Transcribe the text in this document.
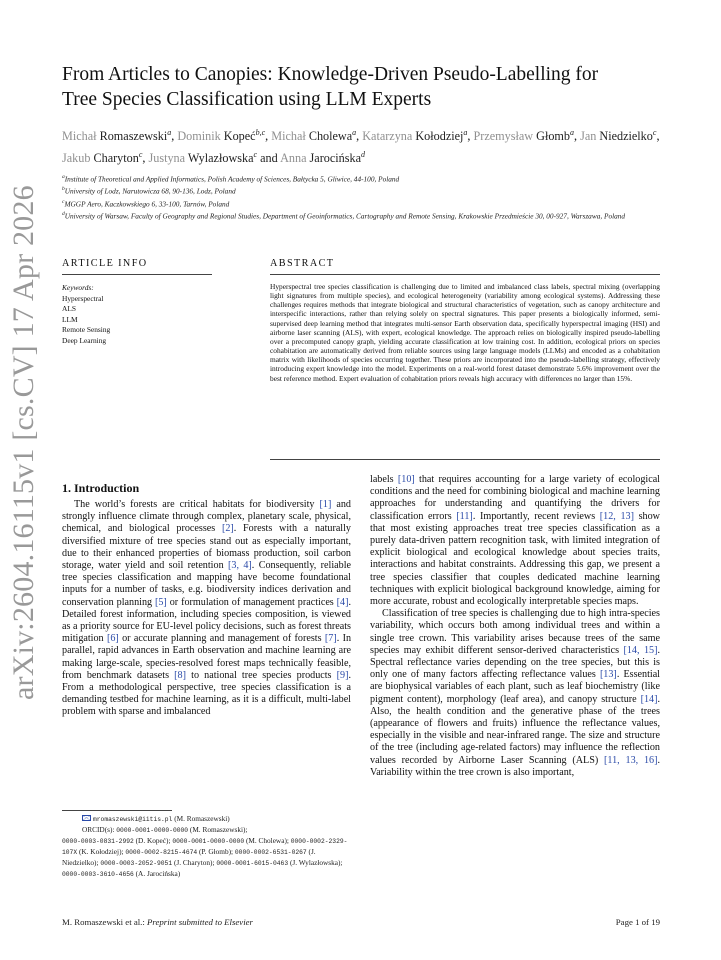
arXiv:2604.16115v1 [cs.CV] 17 Apr 2026
From Articles to Canopies: Knowledge-Driven Pseudo-Labelling for
Tree Species Classification using LLM Experts
Michał Romaszewski$^a$, Dominik Kopeć$^{b,c}$, Michał Cholewa$^a$, Katarzyna Kołodziej$^a$, Przemysław Głomb$^a$, Jan Niedzielko$^c$, Jakub Charyton$^c$, Justyna Wylazłowska$^c$ and Anna Jarocińska$^d$
$^a$Institute of Theoretical and Applied Informatics, Polish Academy of Sciences, Bałtycka 5, Gliwice, 44-100, Poland
$^b$University of Lodz, Narutowicza 68, 90-136, Lodz, Poland
$^c$MGGP Aero, Kaczkowskiego 6, 33-100, Tarnów, Poland
$^d$University of Warsaw, Faculty of Geography and Regional Studies, Department of Geoinformatics, Cartography and Remote Sensing, Krakowskie Przedmieście 30, 00-927, Warszawa, Poland
ARTICLE INFO
Keywords:
Hyperspectral
ALS
LLM
Remote Sensing
Deep Learning
ABSTRACT
Hyperspectral tree species classification is challenging due to limited and imbalanced class labels, spectral mixing (overlapping light signatures from multiple species), and ecological heterogeneity (variability among ecological systems). Addressing these challenges requires methods that integrate biological and structural characteristics of vegetation, such as canopy architecture and interspecific interactions, rather than relying solely on spectral signatures. This paper presents a biologically informed, semi-supervised deep learning method that integrates multi-sensor Earth observation data, specifically hyperspectral imaging (HSI) and airborne laser scanning (ALS), with expert, ecological knowledge. The approach relies on biologically inspired pseudo-labelling over a precomputed canopy graph, yielding accurate classification at low training cost. In addition, ecological priors on species cohabitation are automatically derived from reliable sources using large language models (LLMs) and encoded as a cohabitation matrix with likelihoods of species occurring together. These priors are incorporated into the pseudo-labelling strategy, effectively introducing expert knowledge into the model. Experiments on a real-world forest dataset demonstrate 5.6% improvement over the best reference method. Expert evaluation of cohabitation priors reveals high accuracy with differences no larger than 15%.
1. Introduction

The world’s forests are critical habitats for biodiversity [1] and strongly influence climate through complex, planetary scale, physical, chemical, and biological processes [2]. Forests with a naturally diversified mixture of tree species stand out as especially important, due to their enhanced properties of biomass production, soil carbon storage, water yield and soil retention [3, 4]. Consequently, reliable tree species classification and mapping have become foundational inputs for a number of tasks, e.g. biodiversity indices derivation and conservation planning [5] or formulation of management practices [4]. Detailed forest information, including species composition, is viewed as a priority source for EU-level policy decisions, such as forest threats mitigation [6] or accurate planning and management of forests [7]. In parallel, rapid advances in Earth observation and machine learning are making large-scale, species-resolved forest maps technically feasible, from benchmark datasets [8] to national tree species products [9]. From a methodological perspective, tree species classification is a demanding testbed for machine learning, as it is a difficult, multi-label problem with sparse and imbalanced

labels [10] that requires accounting for a large variety of ecological conditions and the need for combining biological and machine learning approaches for understanding and quantifying the drivers for classification errors [11]. Importantly, recent reviews [12, 13] show that most existing approaches treat tree species classification as a purely data-driven pattern recognition task, with limited integration of explicit biological and ecological knowledge about species traits, interactions and habitat constraints. Addressing this gap, we present a tree species classifier that couples dedicated machine learning techniques with explicit biological background knowledge, aiming for more accurate, robust and ecologically interpretable species maps.

Classification of tree species is challenging due to high intra-species variability, which occurs both among individual trees and within a single tree crown. This variability arises because trees of the same species may exhibit different sensor-derived characteristics [14, 15]. Spectral reflectance varies depending on the tree species, but this is only one of many factors affecting reflectance values [13]. Essential are biophysical variables of each plant, such as leaf biochemistry (like pigment content), morphology (leaf area), and canopy structure [14]. Also, the health condition and the generative phase of the trees (appearance of flowers and fruits) influence the reflectance values, especially in the visible and near-infrared range. The size and structure of the tree (including age-related factors) may influence the reflection values recorded by Airborne Laser Scanning (ALS) [11, 13, 16]. Variability within the tree crown is also important,

mromaszewski@iitis.pl (M. Romaszewski)
ORCID(s): 0000-0001-0000-0000 (M. Romaszewski);
0000-0003-0831-2992 (D. Kopeć); 0000-0001-0000-0000 (M. Cholewa); 0000-0002-2329-107X (K. Kołodziej); 0000-0002-8215-4674 (P. Głomb); 0000-0002-6531-0267 (J. Niedzielko); 0000-0003-2052-9051 (J. Charyton); 0000-0001-6015-0463 (J. Wylazłowska); 0000-0003-3610-4656 (A. Jarocińska)
M. Romaszewski et al.: Preprint submitted to Elsevier	Page 1 of 19
